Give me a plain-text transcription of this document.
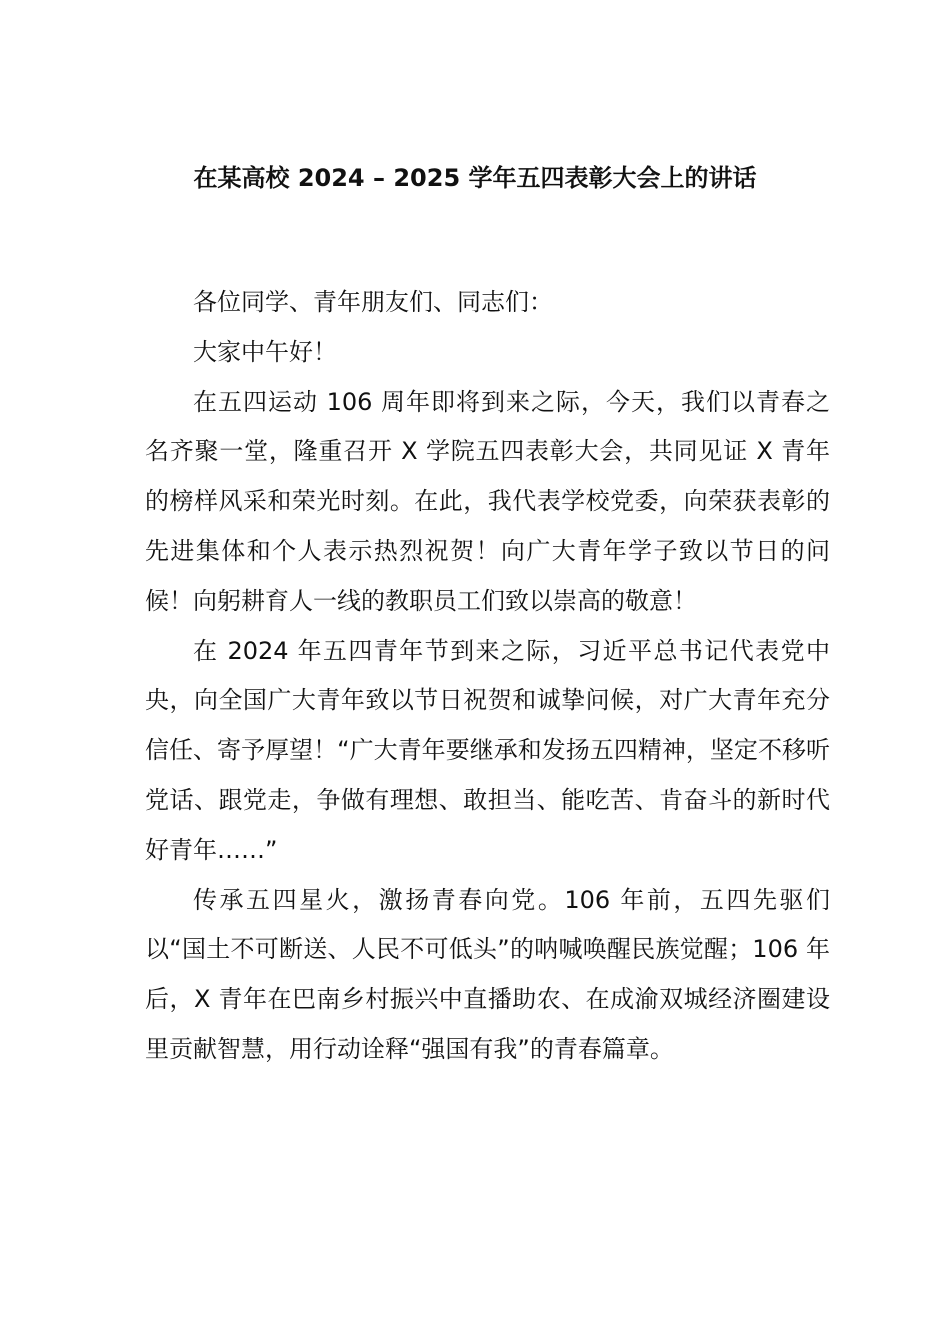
在某高校 2024 – 2025 学年五四表彰大会上的讲话

各位同学、青年朋友们、同志们：

大家中午好！

在五四运动 106 周年即将到来之际，今天，我们以青春之名齐聚一堂，隆重召开 X 学院五四表彰大会，共同见证 X 青年的榜样风采和荣光时刻。在此，我代表学校党委，向荣获表彰的先进集体和个人表示热烈祝贺！向广大青年学子致以节日的问候！向躬耕育人一线的教职员工们致以崇高的敬意！

在 2024 年五四青年节到来之际，习近平总书记代表党中央，向全国广大青年致以节日祝贺和诚挚问候，对广大青年充分信任、寄予厚望！“广大青年要继承和发扬五四精神，坚定不移听党话、跟党走，争做有理想、敢担当、能吃苦、肯奋斗的新时代好青年……”

传承五四星火，激扬青春向党。106 年前，五四先驱们以“国土不可断送、人民不可低头”的呐喊唤醒民族觉醒；106 年后，X 青年在巴南乡村振兴中直播助农、在成渝双城经济圈建设里贡献智慧，用行动诠释“强国有我”的青春篇章。
